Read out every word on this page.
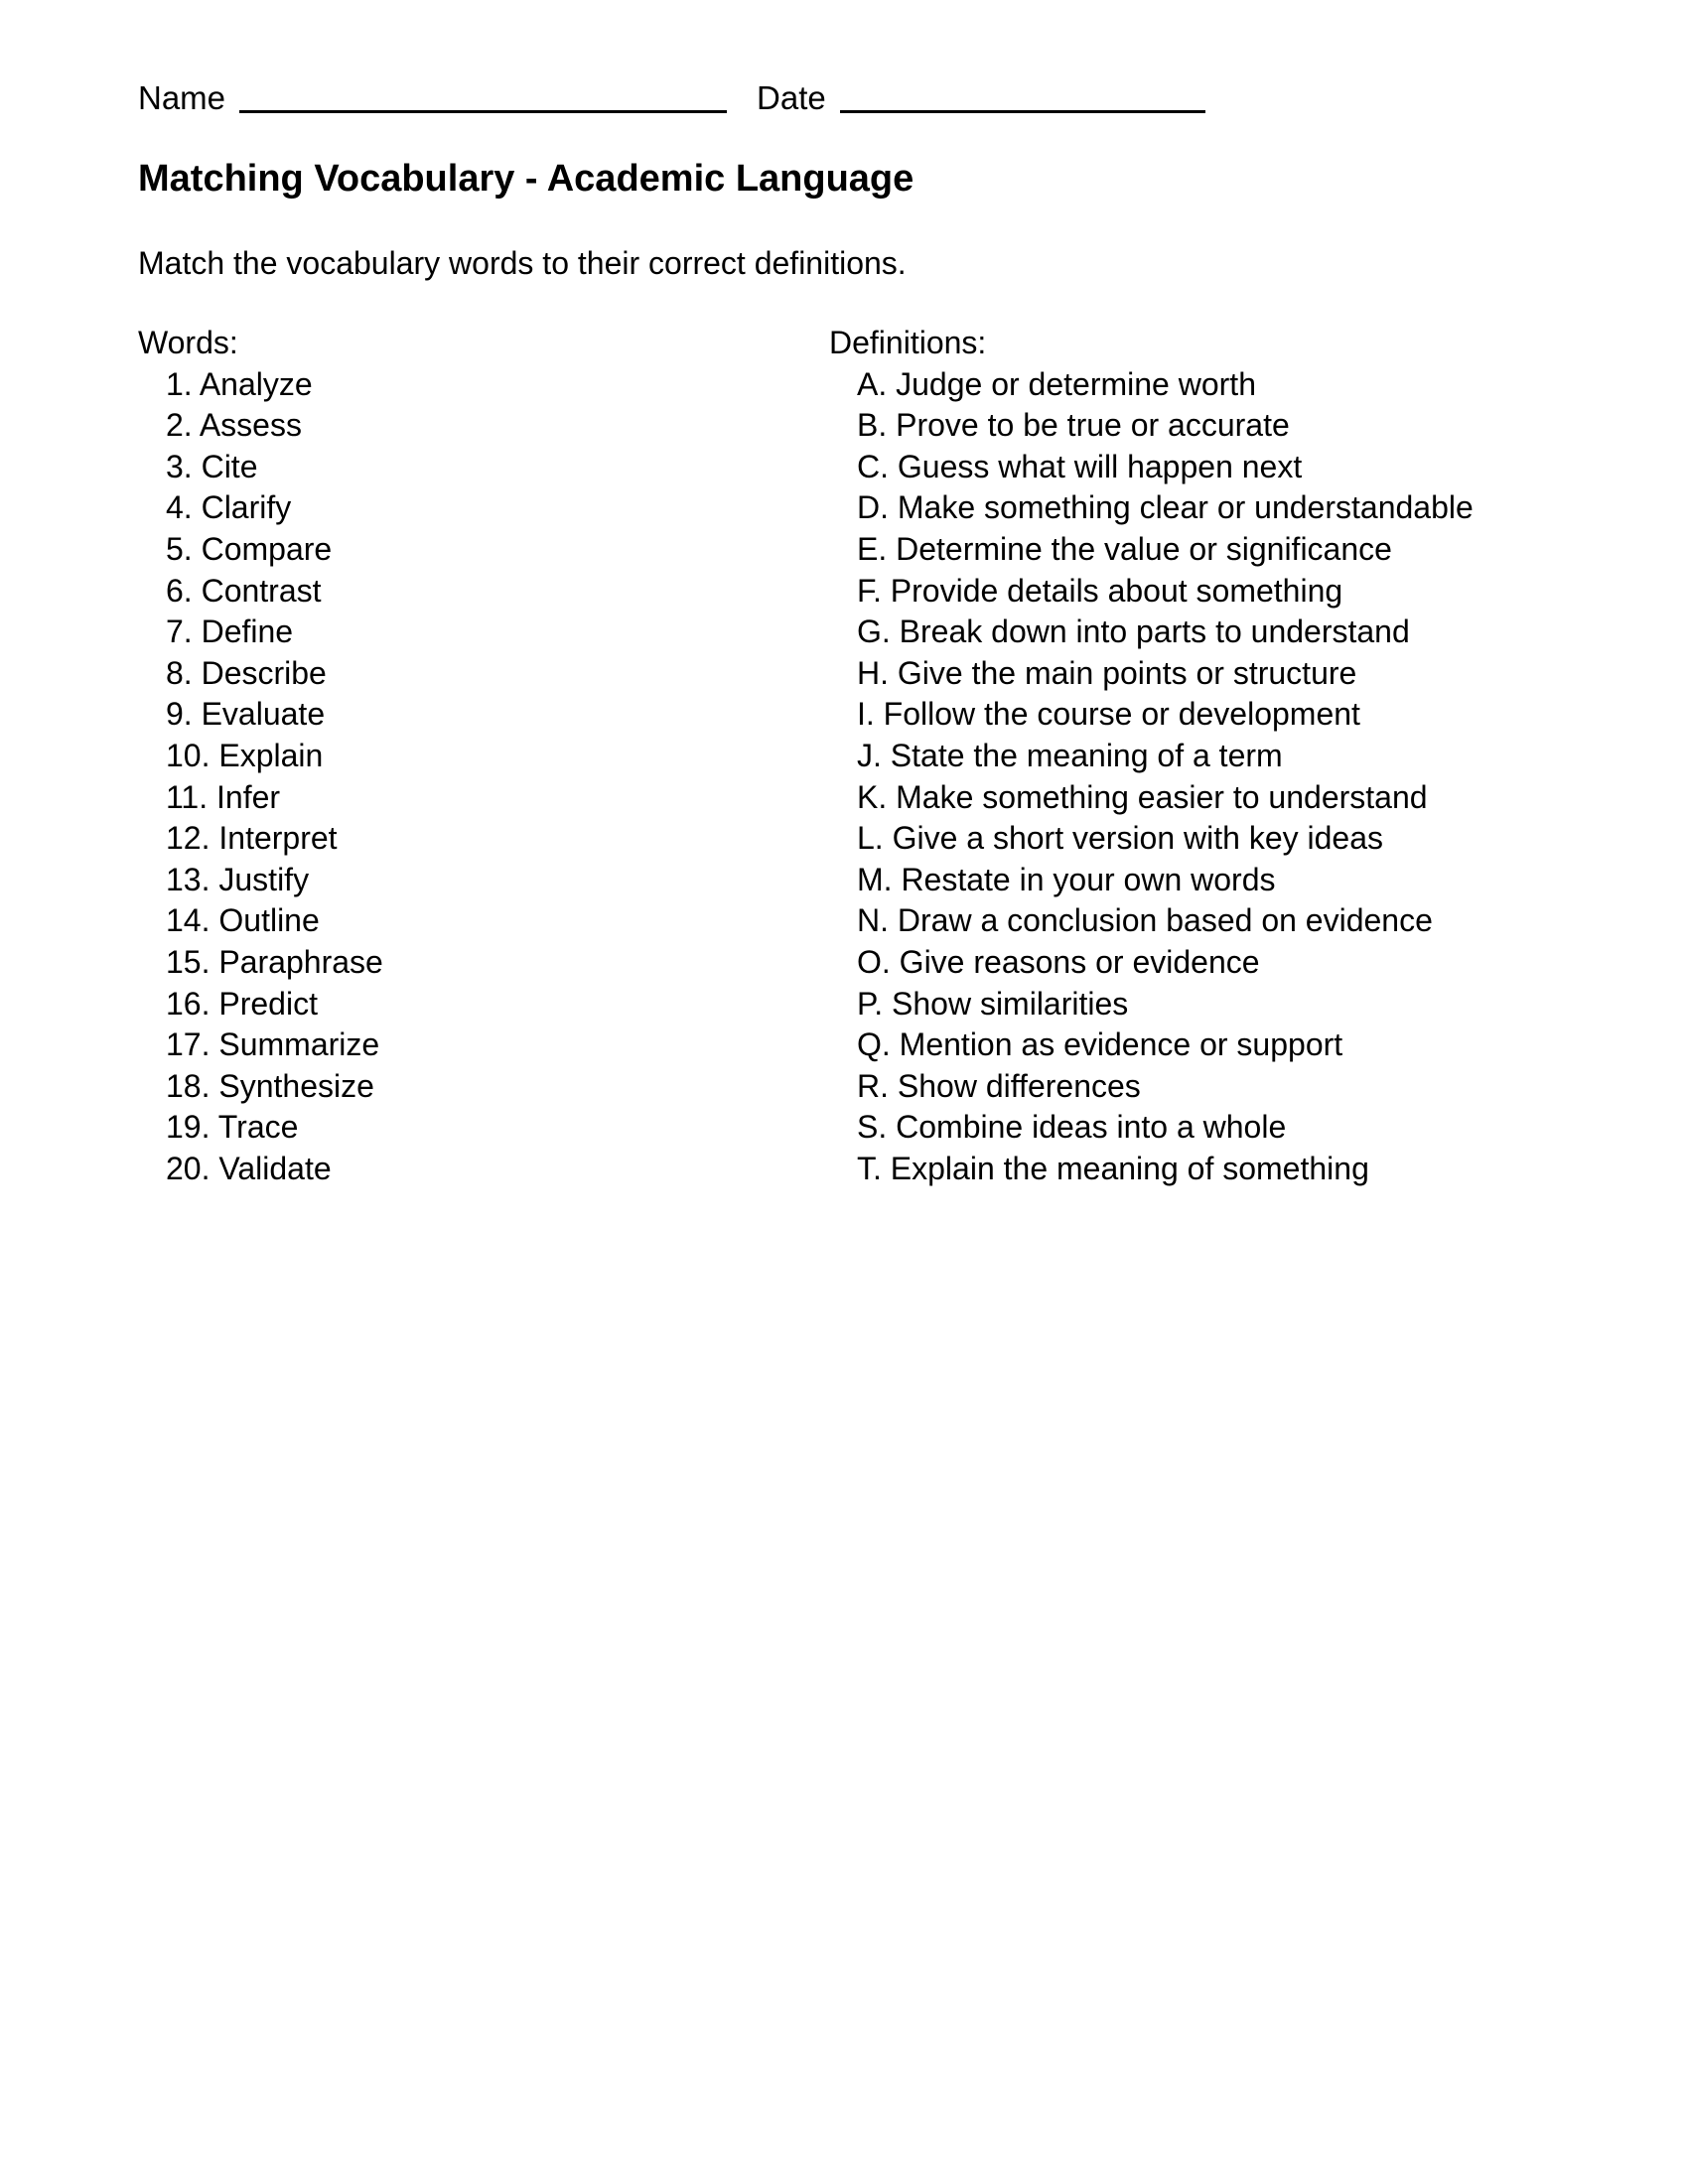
Name	Date
Matching Vocabulary - Academic Language
Match the vocabulary words to their correct definitions.
Words:
1. Analyze
2. Assess
3. Cite
4. Clarify
5. Compare
6. Contrast
7. Define
8. Describe
9. Evaluate
10. Explain
11. Infer
12. Interpret
13. Justify
14. Outline
15. Paraphrase
16. Predict
17. Summarize
18. Synthesize
19. Trace
20. Validate
Definitions:
A. Judge or determine worth
B. Prove to be true or accurate
C. Guess what will happen next
D. Make something clear or understandable
E. Determine the value or significance
F. Provide details about something
G. Break down into parts to understand
H. Give the main points or structure
I. Follow the course or development
J. State the meaning of a term
K. Make something easier to understand
L. Give a short version with key ideas
M. Restate in your own words
N. Draw a conclusion based on evidence
O. Give reasons or evidence
P. Show similarities
Q. Mention as evidence or support
R. Show differences
S. Combine ideas into a whole
T. Explain the meaning of something
